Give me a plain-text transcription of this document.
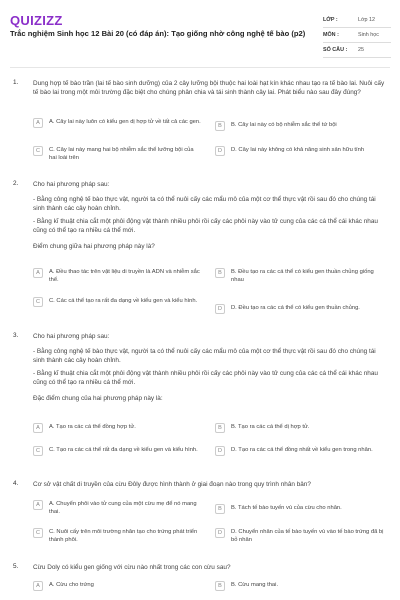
QUIZIZZ
Trắc nghiệm Sinh học 12 Bài 20 (có đáp án): Tạo giống nhờ công nghệ tế bào (p2)
LỚP :	Lớp 12
MÔN :	Sinh học
SỐ CÂU :	25
1. Dung hợp tế bào trần (lai tế bào sinh dưỡng) của 2 cây lưỡng bội thuộc hai loài hạt kín khác nhau tạo ra tế bào lai. Nuôi cấy tế bào lai trong một môi trường đặc biệt cho chúng phân chia và tái sinh thành cây lai. Phát biểu nào sau đây đúng?

A	A. Cây lai này luôn có kiểu gen dị hợp tử về tất cả các gen.
B	B. Cây lai này có bộ nhiễm sắc thể tứ bội
C	C. Cây lai này mang hai bộ nhiễm sắc thể lưỡng bội của hai loài trên
D	D. Cây lai này không có khả năng sinh sản hữu tính
2. Cho hai phương pháp sau:

- Bằng công nghệ tế bào thực vật, người ta có thể nuôi cấy các mẩu mô của một cơ thể thực vật rồi sau đó cho chúng tái sinh thành các cây hoàn chỉnh.

- Bằng kĩ thuật chia cắt một phôi động vật thành nhiều phôi rồi cấy các phôi này vào tử cung của các cá thể cái khác nhau cũng có thể tạo ra nhiều cá thể mới.

Điểm chung giữa hai phương pháp này là?

A	A. Đều thao tác trên vật liệu di truyền là ADN và nhiễm sắc thể.
B	B. Đều tạo ra các cá thể có kiểu gen thuần chủng giống nhau
C	C. Các cá thể tạo ra rất đa dạng về kiểu gen và kiểu hình.
D	D. Đều tạo ra các cá thể có kiểu gen thuần chủng.
3. Cho hai phương pháp sau:

- Bằng công nghệ tế bào thực vật, người ta có thể nuôi cấy các mẩu mô của một cơ thể thực vật rồi sau đó cho chúng tái sinh thành các cây hoàn chỉnh.

- Bằng kĩ thuật chia cắt một phôi động vật thành nhiều phôi rồi cấy các phôi này vào tử cung của các cá thể cái khác nhau cũng có thể tạo ra nhiều cá thể mới.

Đặc điểm chung của hai phương pháp này là:

A	A. Tạo ra các cá thể đồng hợp tử.	B	B. Tạo ra các cá thể dị hợp tử.
C	C. Tạo ra các cá thể rất đa dạng về kiểu gen và kiểu hình.	D	D. Tạo ra các cá thể đồng nhất về kiểu gen trong nhân.
4. Cơ sở vật chất di truyền của cừu Đôly được hình thành ở giai đoạn nào trong quy trình nhân bản?

A	A. Chuyển phôi vào tử cung của một cừu mẹ để nó mang thai.	B	B. Tách tế bào tuyến vú của cừu cho nhân.
C	C. Nuôi cấy trên môi trường nhân tạo cho trứng phát triển thành phôi.
D	D. Chuyển nhân của tế bào tuyến vú vào tế bào trứng đã bị bỏ nhân
5. Cừu Doly có kiểu gen giống với cừu nào nhất trong các con cừu sau?

A	A. Cừu cho trứng	B	B. Cừu mang thai.
